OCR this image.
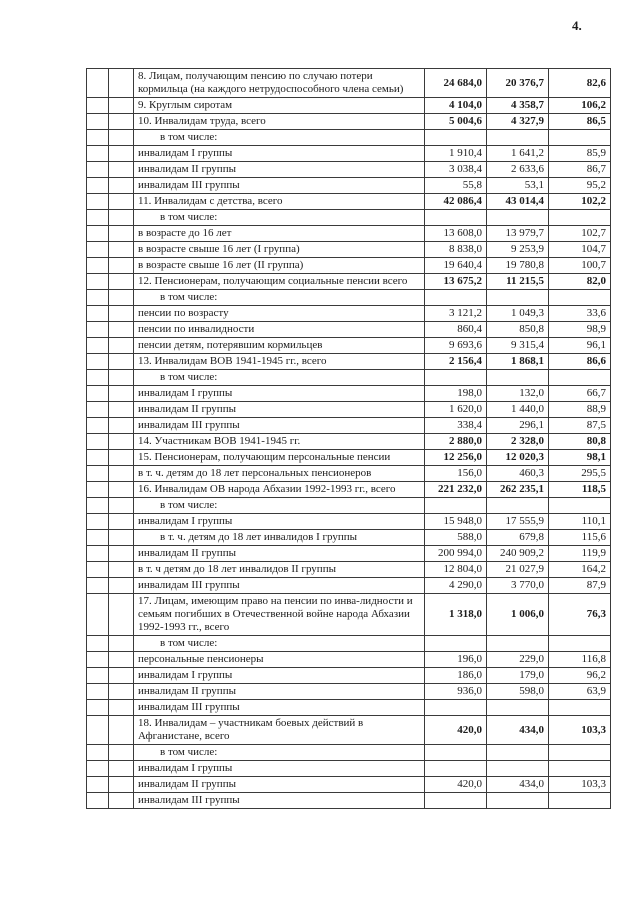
4.
		8. Лицам, получающим пенсию по случаю потери кормильца (на каждого нетрудоспособного члена семьи)	24 684,0	20 376,7	82,6
		9. Круглым сиротам	4 104,0	4 358,7	106,2
		10. Инвалидам труда, всего	5 004,6	4 327,9	86,5
		в том числе:			
		инвалидам I группы	1 910,4	1 641,2	85,9
		инвалидам II группы	3 038,4	2 633,6	86,7
		инвалидам III группы	55,8	53,1	95,2
		11. Инвалидам с детства, всего	42 086,4	43 014,4	102,2
		в том числе:			
		в возрасте до 16 лет	13 608,0	13 979,7	102,7
		в возрасте свыше 16 лет (I группа)	8 838,0	9 253,9	104,7
		в возрасте свыше 16 лет (II группа)	19 640,4	19 780,8	100,7
		12. Пенсионерам, получающим социальные пенсии всего	13 675,2	11 215,5	82,0
		в том числе:			
		пенсии по возрасту	3 121,2	1 049,3	33,6
		пенсии по инвалидности	860,4	850,8	98,9
		пенсии детям, потерявшим кормильцев	9 693,6	9 315,4	96,1
		13. Инвалидам ВОВ 1941-1945 гг., всего	2 156,4	1 868,1	86,6
		в том числе:			
		инвалидам I группы	198,0	132,0	66,7
		инвалидам II группы	1 620,0	1 440,0	88,9
		инвалидам III группы	338,4	296,1	87,5
		14. Участникам ВОВ 1941-1945 гг.	2 880,0	2 328,0	80,8
		15. Пенсионерам, получающим персональные пенсии	12 256,0	12 020,3	98,1
		в т. ч. детям до 18 лет персональных пенсионеров	156,0	460,3	295,5
		16. Инвалидам ОВ народа Абхазии 1992-1993 гг., всего	221 232,0	262 235,1	118,5
		в том числе:			
		инвалидам I группы	15 948,0	17 555,9	110,1
		в т. ч. детям до 18 лет инвалидов I группы	588,0	679,8	115,6
		инвалидам II группы	200 994,0	240 909,2	119,9
		в т. ч детям до 18 лет инвалидов II группы	12 804,0	21 027,9	164,2
		инвалидам III группы	4 290,0	3 770,0	87,9
		17. Лицам, имеющим право на пенсии по инва-лидности и семьям погибших в Отечественной войне народа Абхазии 1992-1993 гг., всего	1 318,0	1 006,0	76,3
		в том числе:			
		персональные пенсионеры	196,0	229,0	116,8
		инвалидам I группы	186,0	179,0	96,2
		инвалидам II группы	936,0	598,0	63,9
		инвалидам III группы			
		18. Инвалидам – участникам боевых действий в Афганистане, всего	420,0	434,0	103,3
		в том числе:			
		инвалидам I группы			
		инвалидам II группы	420,0	434,0	103,3
		инвалидам III группы			
